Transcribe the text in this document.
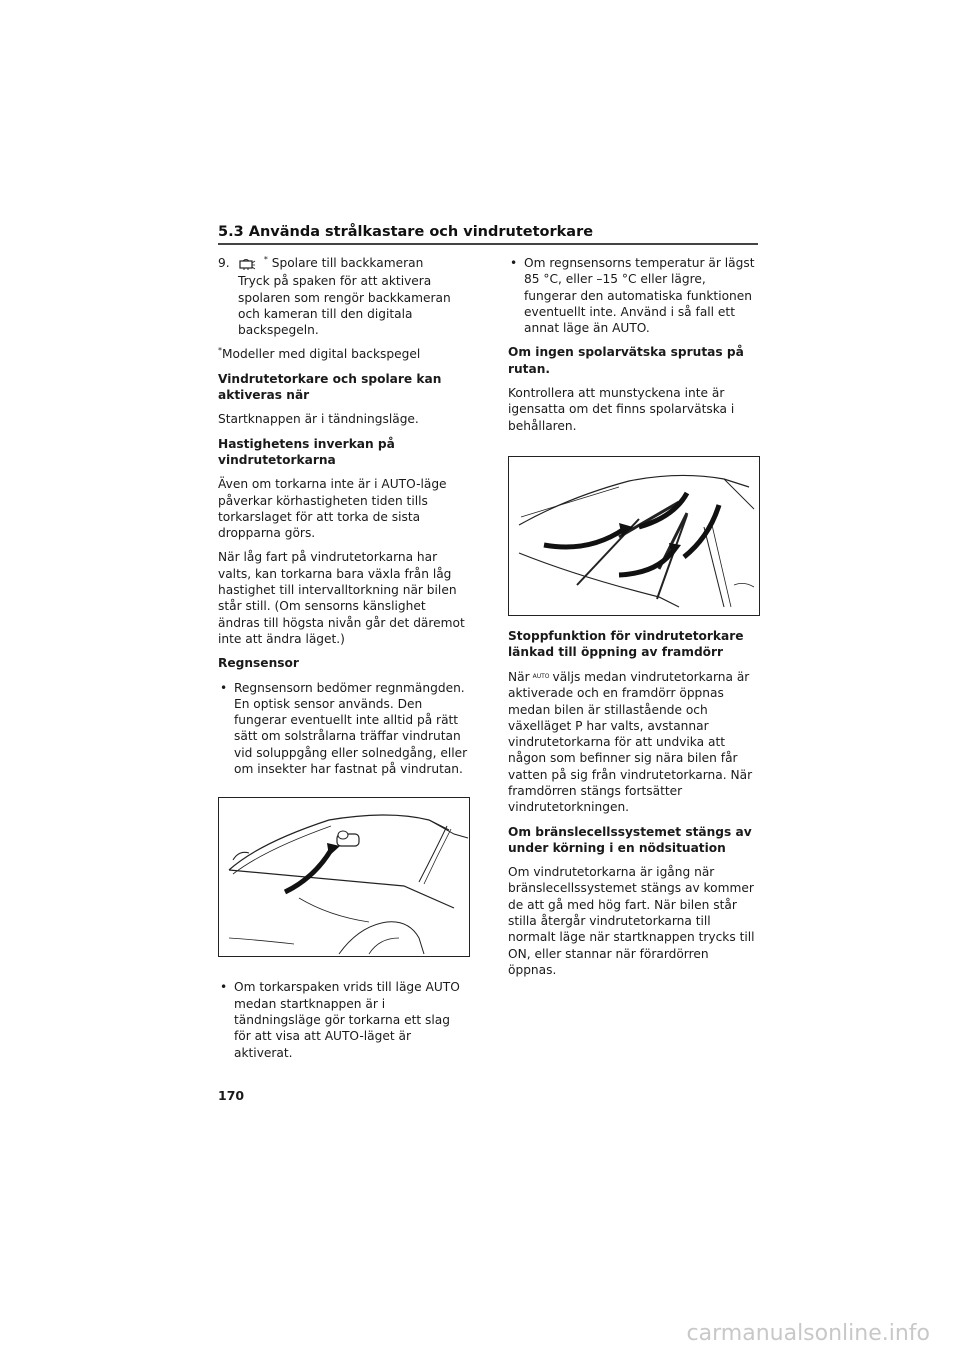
5.3 Använda strålkastare och vindrutetorkare
9.	* Spolare till backkameran

Tryck på spaken för att aktivera spolaren som rengör backkameran och kameran till den digitala backspegeln.

*Modeller med digital backspegel

Vindrutetorkare och spolare kan aktiveras när

Startknappen är i tändningsläge.

Hastighetens inverkan på vindrutetorkarna

Även om torkarna inte är i AUTO-läge påverkar körhastigheten tiden tills torkarslaget för att torka de sista dropparna görs.

När låg fart på vindrutetorkarna har valts, kan torkarna bara växla från låg hastighet till intervalltorkning när bilen står still. (Om sensorns känslighet ändras till högsta nivån går det däremot inte att ändra läget.)

Regnsensor

• Regnsensorn bedömer regnmängden. En optisk sensor används. Den fungerar eventuellt inte alltid på rätt sätt om solstrålarna träffar vindrutan vid soluppgång eller solnedgång, eller om insekter har fastnat på vindrutan.
• Om torkarspaken vrids till läge AUTO medan startknappen är i tändningsläge gör torkarna ett slag för att visa att AUTO-läget är aktiverat.
• Om regnsensorns temperatur är lägst 85 °C, eller –15 °C eller lägre, fungerar den automatiska funktionen eventuellt inte. Använd i så fall ett annat läge än AUTO.

Om ingen spolarvätska sprutas på rutan.

Kontrollera att munstyckena inte är igensatta om det finns spolarvätska i behållaren.

Stoppfunktion för vindrutetorkare länkad till öppning av framdörr

När AUTO väljs medan vindrutetorkarna är aktiverade och en framdörr öppnas medan bilen är stillastående och växelläget P har valts, avstannar vindrutetorkarna för att undvika att någon som befinner sig nära bilen får vatten på sig från vindrutetorkarna. När framdörren stängs fortsätter vindrutetorkningen.

Om bränslecellssystemet stängs av under körning i en nödsituation

Om vindrutetorkarna är igång när bränslecellssystemet stängs av kommer de att gå med hög fart. När bilen står stilla återgår vindrutetorkarna till normalt läge när startknappen trycks till ON, eller stannar när förardörren öppnas.

170
carmanualsonline.info
